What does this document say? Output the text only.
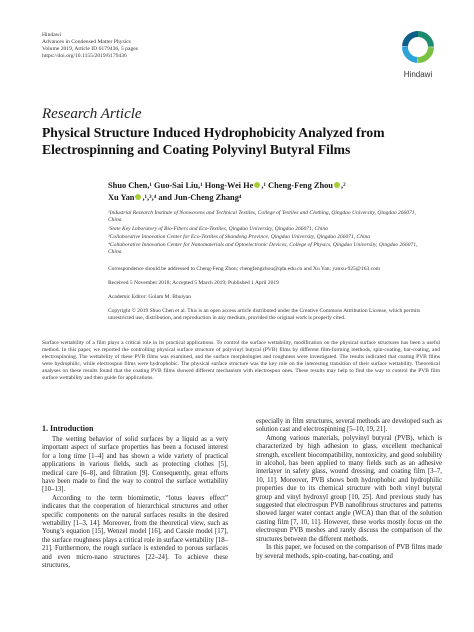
Hindawi
Advances in Condensed Matter Physics
Volume 2019, Article ID 6179436, 5 pages
https://doi.org/10.1155/2019/6179436
Hindawi
Research Article
Physical Structure Induced Hydrophobicity Analyzed from Electrospinning and Coating Polyvinyl Butyral Films
Shuo Chen,¹ Guo-Sai Liu,¹ Hong-Wei He ,¹ Cheng-Feng Zhou ,²
Xu Yan ,¹,³,⁴ and Jun-Cheng Zhang⁴
¹Industrial Research Institute of Nonwovens and Technical Textiles, College of Textiles and Clothing, Qingdao University, Qingdao 266071, China
²State Key Laboratory of Bio-Fibers and Eco-Textiles, Qingdao University, Qingdao 266071, China
³Collaborative Innovation Center for Eco-Textiles of Shandong Province, Qingdao University, Qingdao 266071, China
⁴Collaborative Innovation Center for Nanomaterials and Optoelectronic Devices, College of Physics, Qingdao University, Qingdao 266071, China
Correspondence should be addressed to Cheng-Feng Zhou; chengfengzhou@qdu.edu.cn and Xu Yan; yanxu-925@163.com
Received 5 November 2018; Accepted 5 March 2019; Published 1 April 2019
Academic Editor: Golam M. Bhuiyan
Copyright © 2019 Shuo Chen et al. This is an open access article distributed under the Creative Commons Attribution License, which permits unrestricted use, distribution, and reproduction in any medium, provided the original work is properly cited.
Surface wettability of a film plays a critical role in its practical applications. To control the surface wettability, modification on the physical surface structures has been a useful method. In this paper, we reported the controlling physical surface structure of polyvinyl butyral (PVB) films by different film-forming methods, spin-coating, bar-coating, and electrospinning. The wettability of these PVB films was examined, and the surface morphologies and roughness were investigated. The results indicated that coating PVB films were hydrophilic, while electrospun films were hydrophobic. The physical surface structure was the key role on the interesting transition of their surface wettability. Theoretical analyses on these results found that the coating PVB films showed different mechanism with electrospun ones. These results may help to find the way to control the PVB film surface wettability and then guide for applications.
1. Introduction

The wetting behavior of solid surfaces by a liquid as a very important aspect of surface properties has been a focused interest for a long time [1–4] and has shown a wide variety of practical applications in various fields, such as protecting clothes [5], medical care [6–8], and filtration [9]. Consequently, great efforts have been made to find the way to control the surface wettability [10–13].

According to the term biomimetic, “lotus leaves effect” indicates that the cooperation of hierarchical structures and other specific components on the natural surfaces results in the desired wettability [1–3, 14]. Moreover, from the theoretical view, such as Young’s equation [15], Wenzel model [16], and Cassie model [17], the surface roughness plays a critical role in surface wettability [18–21]. Furthermore, the rough surface is extended to porous surfaces and even micro-nano structures [22–24]. To achieve these structures,

especially in film structures, several methods are developed such as solution cast and electrospinning [5–10, 19, 21].

Among various materials, polyvinyl butyral (PVB), which is characterized by high adhesion to glass, excellent mechanical strength, excellent biocompatibility, nontoxicity, and good solubility in alcohol, has been applied to many fields such as an adhesive interlayer in safety glass, wound dressing, and coating film [3–7, 10, 11]. Moreover, PVB shows both hydrophobic and hydrophilic properties due to its chemical structure with both vinyl butyral group and vinyl hydroxyl group [10, 25]. And previous study has suggested that electrospun PVB nanofibrous structures and patterns showed larger water contact angle (WCA) than that of the solution casting film [7, 10, 11]. However, these works mostly focus on the electrospun PVB meshes and rarely discuss the comparison of the structures between the different methods.

In this paper, we focused on the comparison of PVB films made by several methods, spin-coating, bar-coating, and
